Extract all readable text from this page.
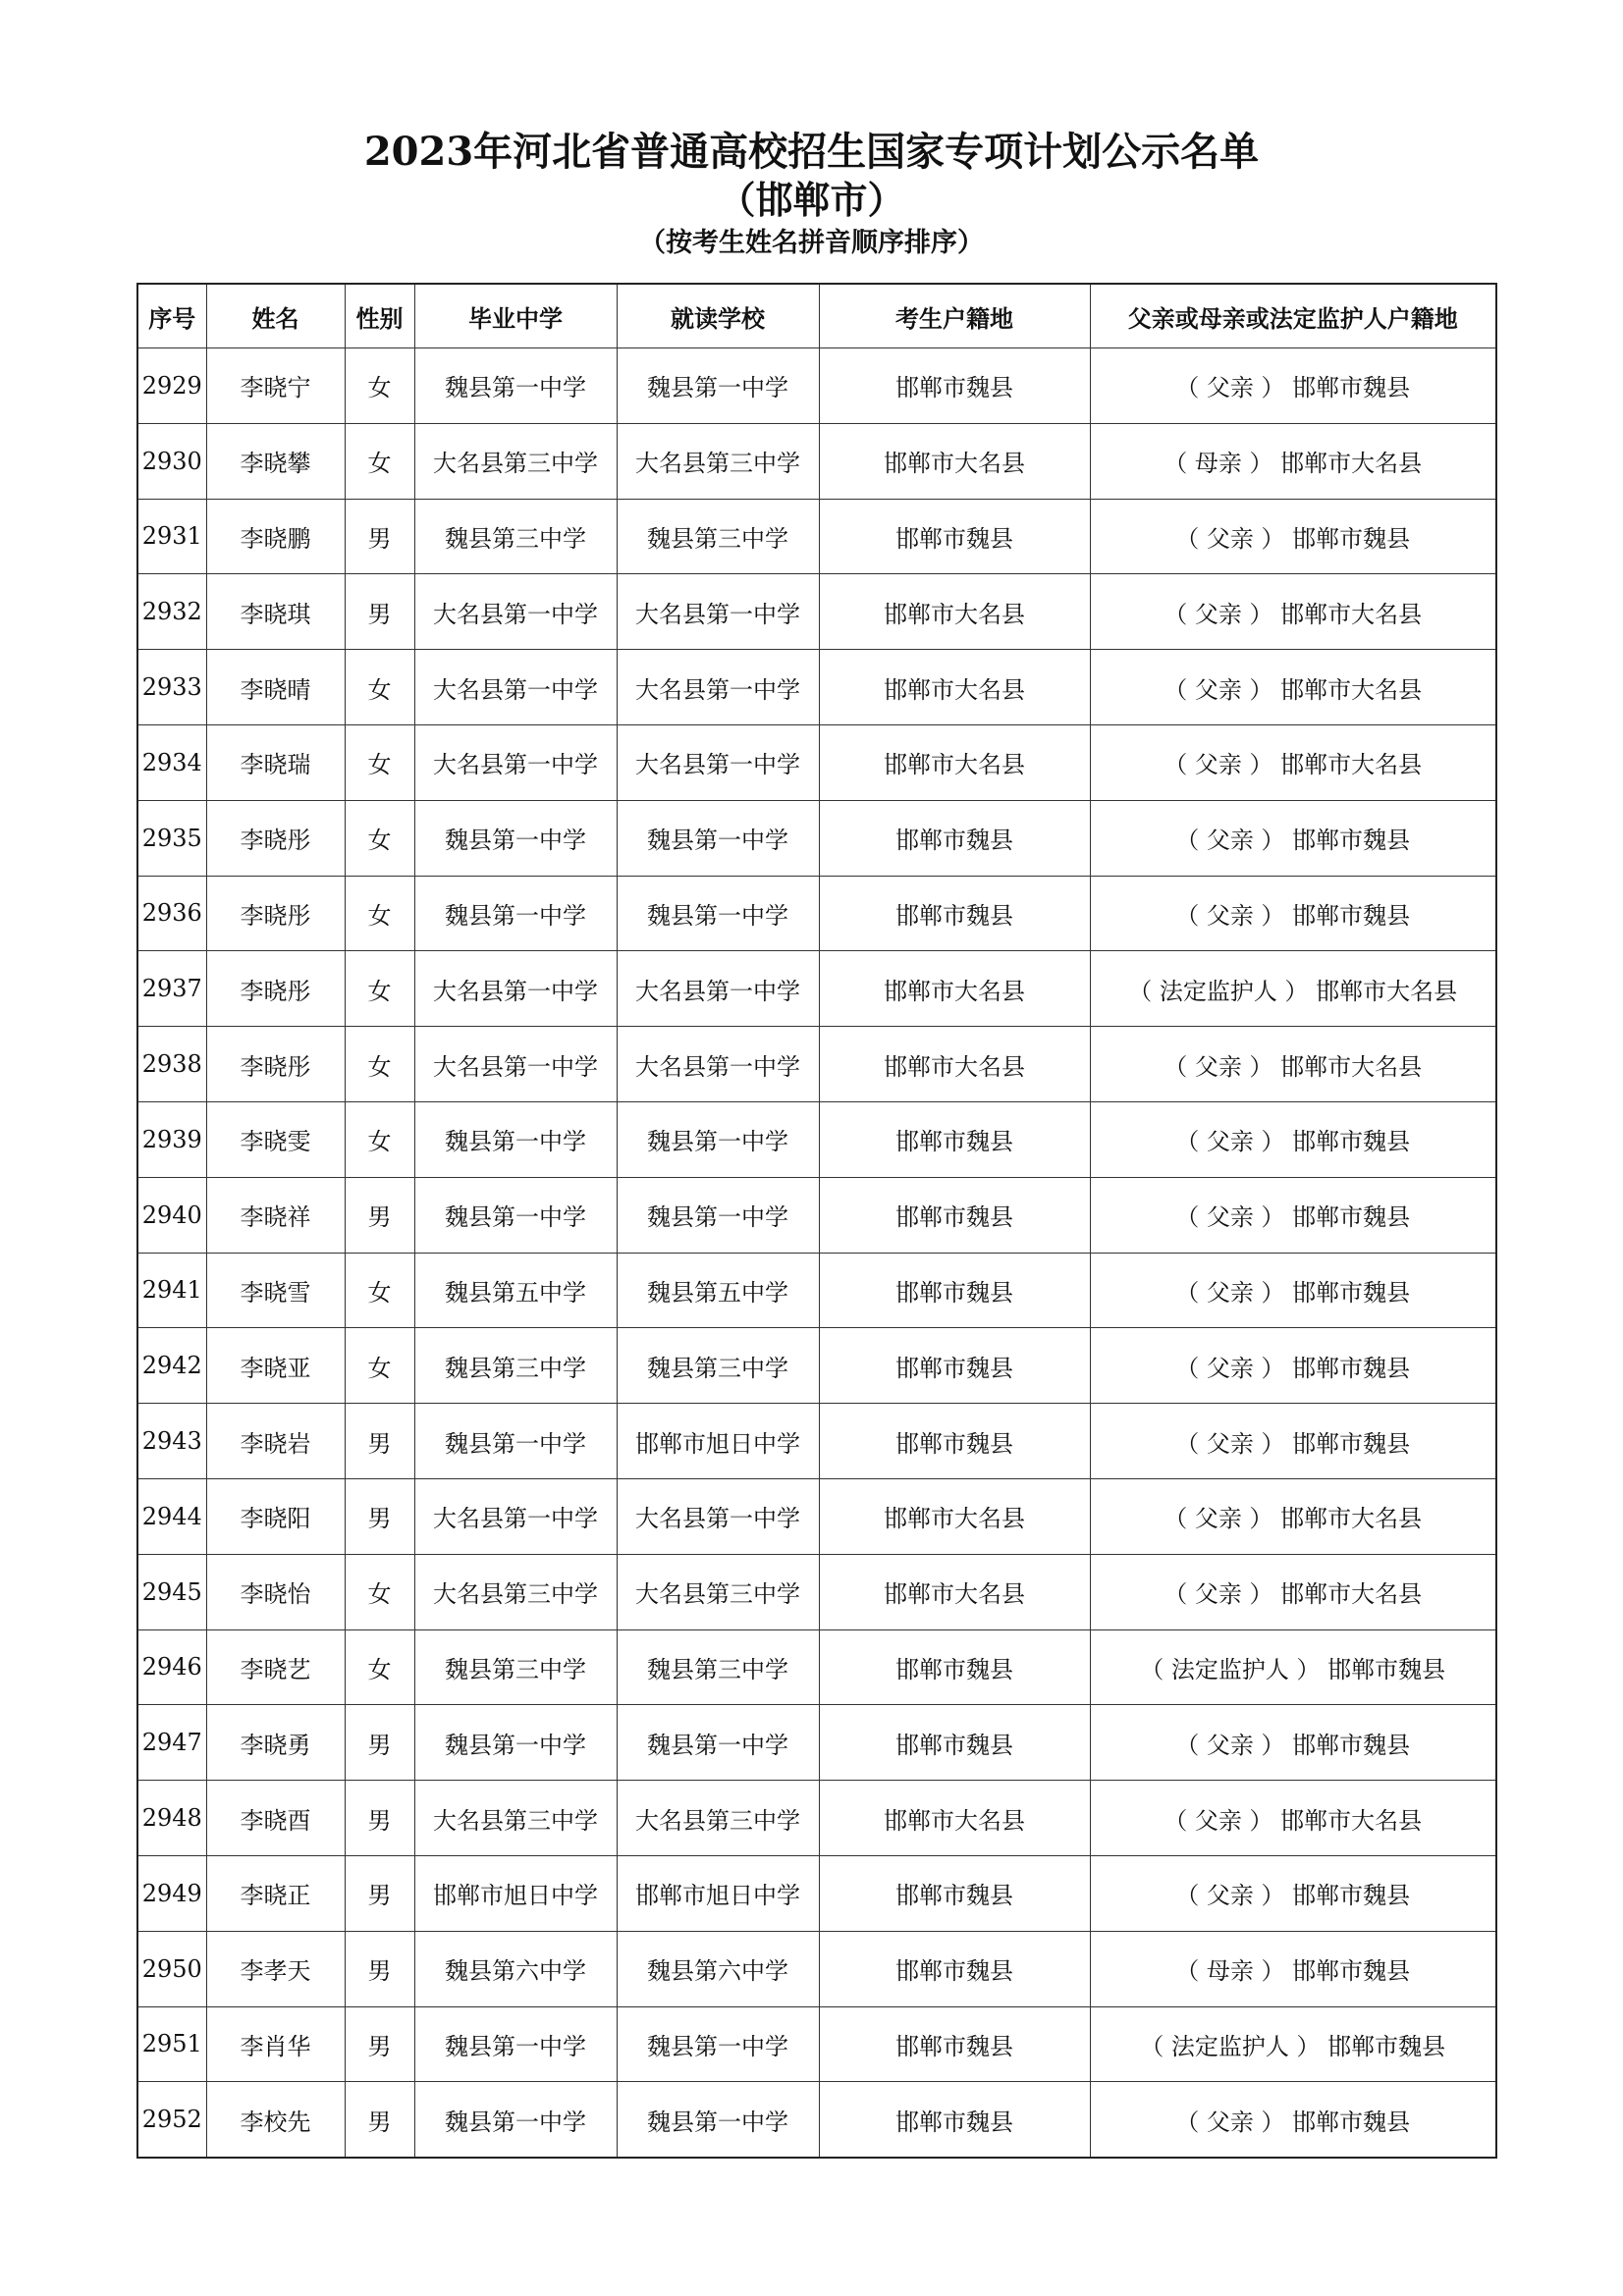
2023年河北省普通高校招生国家专项计划公示名单
（邯郸市）
（按考生姓名拼音顺序排序）
序号	姓名	性别	毕业中学	就读学校	考生户籍地	父亲或母亲或法定监护人户籍地
2929	李晓宁	女	魏县第一中学	魏县第一中学	邯郸市魏县	（ 父亲 ） 邯郸市魏县
2930	李晓攀	女	大名县第三中学	大名县第三中学	邯郸市大名县	（ 母亲 ） 邯郸市大名县
2931	李晓鹏	男	魏县第三中学	魏县第三中学	邯郸市魏县	（ 父亲 ） 邯郸市魏县
2932	李晓琪	男	大名县第一中学	大名县第一中学	邯郸市大名县	（ 父亲 ） 邯郸市大名县
2933	李晓晴	女	大名县第一中学	大名县第一中学	邯郸市大名县	（ 父亲 ） 邯郸市大名县
2934	李晓瑞	女	大名县第一中学	大名县第一中学	邯郸市大名县	（ 父亲 ） 邯郸市大名县
2935	李晓彤	女	魏县第一中学	魏县第一中学	邯郸市魏县	（ 父亲 ） 邯郸市魏县
2936	李晓彤	女	魏县第一中学	魏县第一中学	邯郸市魏县	（ 父亲 ） 邯郸市魏县
2937	李晓彤	女	大名县第一中学	大名县第一中学	邯郸市大名县	（ 法定监护人 ） 邯郸市大名县
2938	李晓彤	女	大名县第一中学	大名县第一中学	邯郸市大名县	（ 父亲 ） 邯郸市大名县
2939	李晓雯	女	魏县第一中学	魏县第一中学	邯郸市魏县	（ 父亲 ） 邯郸市魏县
2940	李晓祥	男	魏县第一中学	魏县第一中学	邯郸市魏县	（ 父亲 ） 邯郸市魏县
2941	李晓雪	女	魏县第五中学	魏县第五中学	邯郸市魏县	（ 父亲 ） 邯郸市魏县
2942	李晓亚	女	魏县第三中学	魏县第三中学	邯郸市魏县	（ 父亲 ） 邯郸市魏县
2943	李晓岩	男	魏县第一中学	邯郸市旭日中学	邯郸市魏县	（ 父亲 ） 邯郸市魏县
2944	李晓阳	男	大名县第一中学	大名县第一中学	邯郸市大名县	（ 父亲 ） 邯郸市大名县
2945	李晓怡	女	大名县第三中学	大名县第三中学	邯郸市大名县	（ 父亲 ） 邯郸市大名县
2946	李晓艺	女	魏县第三中学	魏县第三中学	邯郸市魏县	（ 法定监护人 ） 邯郸市魏县
2947	李晓勇	男	魏县第一中学	魏县第一中学	邯郸市魏县	（ 父亲 ） 邯郸市魏县
2948	李晓酉	男	大名县第三中学	大名县第三中学	邯郸市大名县	（ 父亲 ） 邯郸市大名县
2949	李晓正	男	邯郸市旭日中学	邯郸市旭日中学	邯郸市魏县	（ 父亲 ） 邯郸市魏县
2950	李孝天	男	魏县第六中学	魏县第六中学	邯郸市魏县	（ 母亲 ） 邯郸市魏县
2951	李肖华	男	魏县第一中学	魏县第一中学	邯郸市魏县	（ 法定监护人 ） 邯郸市魏县
2952	李校先	男	魏县第一中学	魏县第一中学	邯郸市魏县	（ 父亲 ） 邯郸市魏县
